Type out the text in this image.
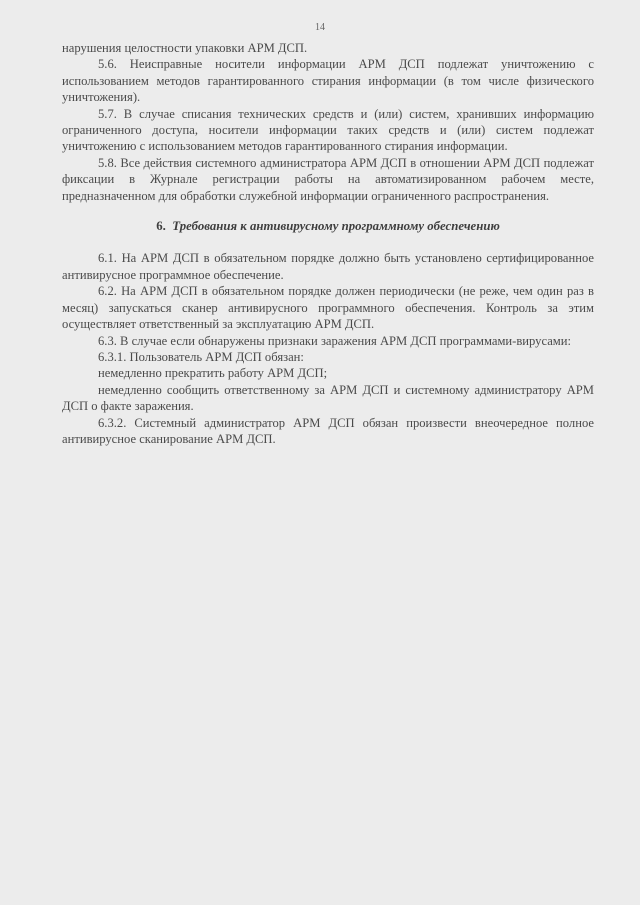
14

нарушения целостности упаковки АРМ ДСП.

5.6. Неисправные носители информации АРМ ДСП подлежат уничтожению с использованием методов гарантированного стирания информации (в том числе физического уничтожения).

5.7. В случае списания технических средств и (или) систем, хранивших информацию ограниченного доступа, носители информации таких средств и (или) систем подлежат уничтожению с использованием методов гарантированного стирания информации.

5.8. Все действия системного администратора АРМ ДСП в отношении АРМ ДСП подлежат фиксации в Журнале регистрации работы на автоматизированном рабочем месте, предназначенном для обработки служебной информации ограниченного распространения.

6. Требования к антивирусному программному обеспечению

6.1. На АРМ ДСП в обязательном порядке должно быть установлено сертифицированное антивирусное программное обеспечение.

6.2. На АРМ ДСП в обязательном порядке должен периодически (не реже, чем один раз в месяц) запускаться сканер антивирусного программного обеспечения. Контроль за этим осуществляет ответственный за эксплуатацию АРМ ДСП.

6.3. В случае если обнаружены признаки заражения АРМ ДСП программами-вирусами:

6.3.1. Пользователь АРМ ДСП обязан:

немедленно прекратить работу АРМ ДСП;

немедленно сообщить ответственному за АРМ ДСП и системному администратору АРМ ДСП о факте заражения.

6.3.2. Системный администратор АРМ ДСП обязан произвести внеочередное полное антивирусное сканирование АРМ ДСП.
